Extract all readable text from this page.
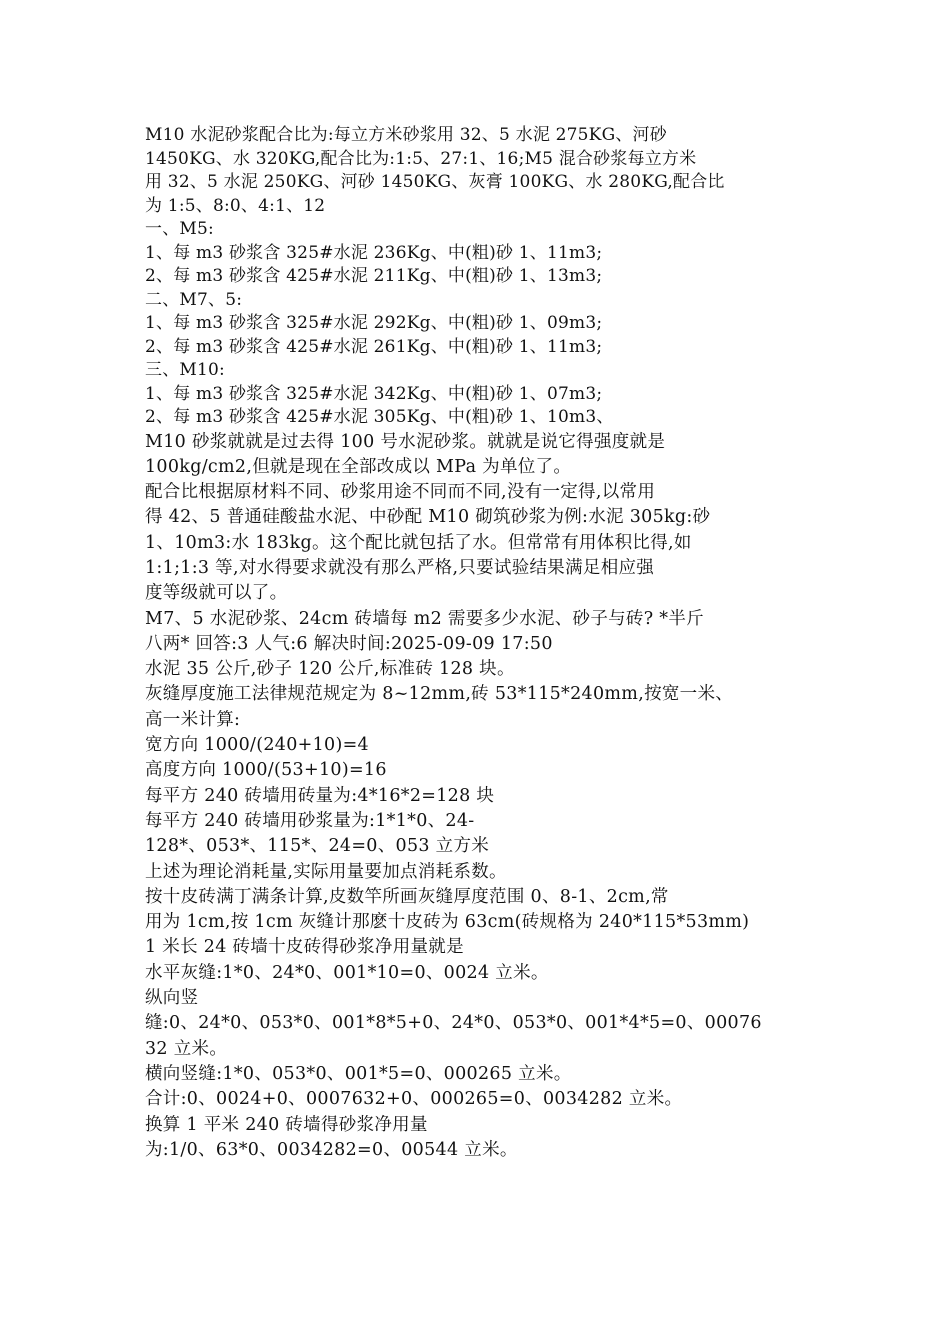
M10 水泥砂浆配合比为:每立方米砂浆用 32、5 水泥 275KG、河砂
1450KG、水 320KG,配合比为:1:5、27:1、16;M5 混合砂浆每立方米
用 32、5 水泥 250KG、河砂 1450KG、灰膏 100KG、水 280KG,配合比
为 1:5、8:0、4:1、12
一、M5:
1、每 m3 砂浆含 325#水泥 236Kg、中(粗)砂 1、11m3;
2、每 m3 砂浆含 425#水泥 211Kg、中(粗)砂 1、13m3;
二、M7、5:
1、每 m3 砂浆含 325#水泥 292Kg、中(粗)砂 1、09m3;
2、每 m3 砂浆含 425#水泥 261Kg、中(粗)砂 1、11m3;
三、M10:
1、每 m3 砂浆含 325#水泥 342Kg、中(粗)砂 1、07m3;
2、每 m3 砂浆含 425#水泥 305Kg、中(粗)砂 1、10m3、
M10 砂浆就就是过去得 100 号水泥砂浆。就就是说它得强度就是
100kg/cm2,但就是现在全部改成以 MPa 为单位了。
配合比根据原材料不同、砂浆用途不同而不同,没有一定得,以常用
得 42、5 普通硅酸盐水泥、中砂配 M10 砌筑砂浆为例:水泥 305kg:砂
1、10m3:水 183kg。这个配比就包括了水。但常常有用体积比得,如
1:1;1:3 等,对水得要求就没有那么严格,只要试验结果满足相应强
度等级就可以了。
M7、5 水泥砂浆、24cm 砖墙每 m2 需要多少水泥、砂子与砖? *半斤
八两* 回答:3 人气:6 解决时间:2025-09-09 17:50
水泥 35 公斤,砂子 120 公斤,标准砖 128 块。
灰缝厚度施工法律规范规定为 8~12mm,砖 53*115*240mm,按宽一米、
高一米计算:
宽方向 1000/(240+10)=4
高度方向 1000/(53+10)=16
每平方 240 砖墙用砖量为:4*16*2=128 块
每平方 240 砖墙用砂浆量为:1*1*0、24-
128*、053*、115*、24=0、053 立方米
上述为理论消耗量,实际用量要加点消耗系数。
按十皮砖满丁满条计算,皮数竿所画灰缝厚度范围 0、8-1、2cm,常
用为 1cm,按 1cm 灰缝计那麽十皮砖为 63cm(砖规格为 240*115*53mm)
1 米长 24 砖墙十皮砖得砂浆净用量就是
水平灰缝:1*0、24*0、001*10=0、0024 立米。
纵向竖
缝:0、24*0、053*0、001*8*5+0、24*0、053*0、001*4*5=0、00076
32 立米。
横向竖缝:1*0、053*0、001*5=0、000265 立米。
合计:0、0024+0、0007632+0、000265=0、0034282 立米。
换算 1 平米 240 砖墙得砂浆净用量
为:1/0、63*0、0034282=0、00544 立米。
